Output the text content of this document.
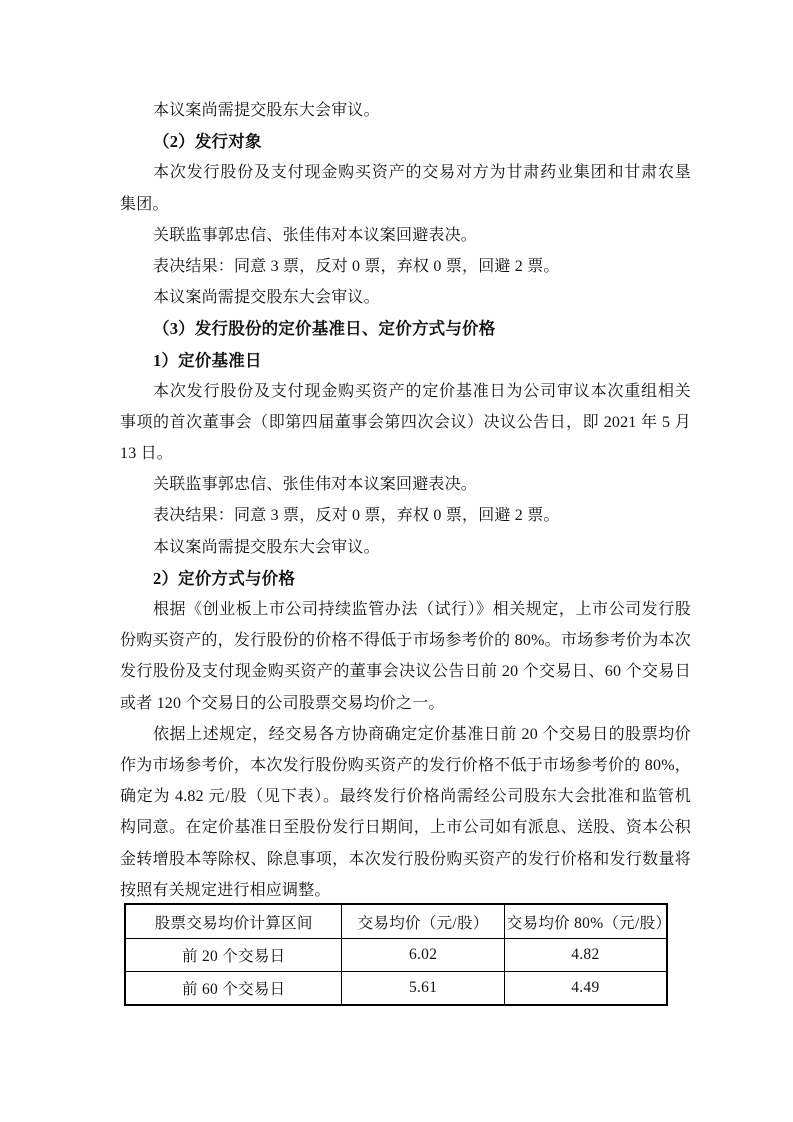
本议案尚需提交股东大会审议。
（2）发行对象
本次发行股份及支付现金购买资产的交易对方为甘肃药业集团和甘肃农垦
集团。
关联监事郭忠信、张佳伟对本议案回避表决。
表决结果：同意 3 票，反对 0 票，弃权 0 票，回避 2 票。
本议案尚需提交股东大会审议。
（3）发行股份的定价基准日、定价方式与价格
1）定价基准日
本次发行股份及支付现金购买资产的定价基准日为公司审议本次重组相关
事项的首次董事会（即第四届董事会第四次会议）决议公告日，即 2021 年 5 月
13 日。
关联监事郭忠信、张佳伟对本议案回避表决。
表决结果：同意 3 票，反对 0 票，弃权 0 票，回避 2 票。
本议案尚需提交股东大会审议。
2）定价方式与价格
根据《创业板上市公司持续监管办法（试行）》相关规定，上市公司发行股
份购买资产的，发行股份的价格不得低于市场参考价的 80%。市场参考价为本次
发行股份及支付现金购买资产的董事会决议公告日前 20 个交易日、60 个交易日
或者 120 个交易日的公司股票交易均价之一。
依据上述规定，经交易各方协商确定定价基准日前 20 个交易日的股票均价
作为市场参考价，本次发行股份购买资产的发行价格不低于市场参考价的 80%，
确定为 4.82 元/股（见下表）。最终发行价格尚需经公司股东大会批准和监管机
构同意。在定价基准日至股份发行日期间，上市公司如有派息、送股、资本公积
金转增股本等除权、除息事项，本次发行股份购买资产的发行价格和发行数量将
按照有关规定进行相应调整。
股票交易均价计算区间	交易均价（元/股）	交易均价 80%（元/股）
前 20 个交易日	6.02	4.82
前 60 个交易日	5.61	4.49
